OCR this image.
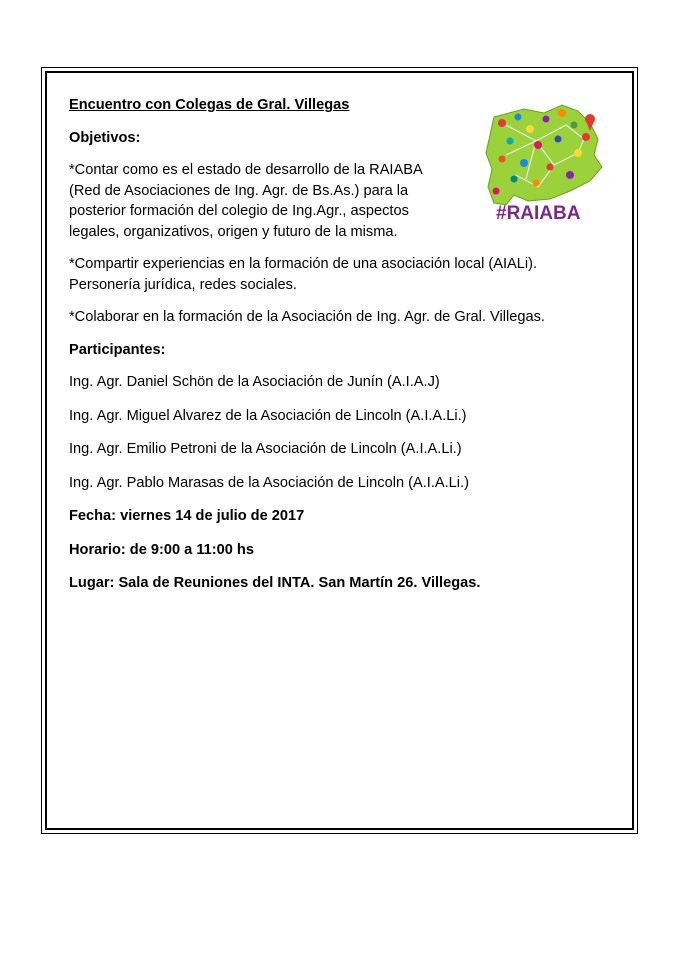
Encuentro con Colegas de Gral. Villegas

Objetivos:

*Contar como es el estado de desarrollo de la RAIABA (Red de Asociaciones de Ing. Agr. de Bs.As.) para la posterior formación del colegio de Ing.Agr., aspectos legales, organizativos, origen y futuro de la misma.

*Compartir experiencias en la formación de una asociación local (AIALi). Personería jurídica, redes sociales.

*Colaborar en la formación de la Asociación de Ing. Agr. de Gral. Villegas.

Participantes:

Ing. Agr. Daniel Schön de la Asociación de Junín (A.I.A.J)

Ing. Agr. Miguel Alvarez de la Asociación de Lincoln (A.I.A.Li.)

Ing. Agr. Emilio Petroni de la Asociación de Lincoln (A.I.A.Li.)

Ing. Agr. Pablo Marasas de la Asociación de Lincoln (A.I.A.Li.)

Fecha: viernes 14 de julio de 2017

Horario: de 9:00 a 11:00 hs

Lugar: Sala de Reuniones del INTA. San Martín 26. Villegas.

#RAIABA
